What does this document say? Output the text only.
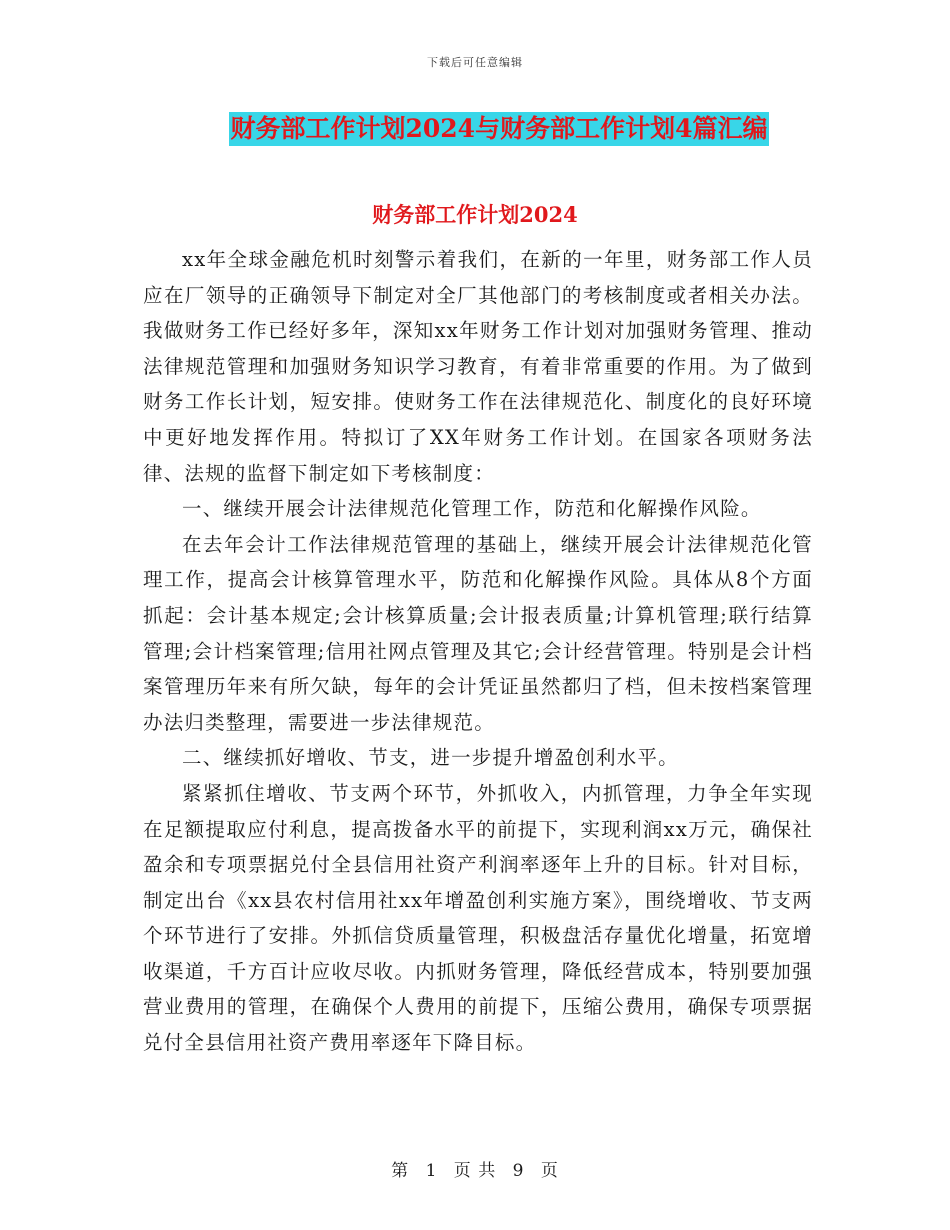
下载后可任意编辑
财务部工作计划2024与财务部工作计划4篇汇编
财务部工作计划2024

xx年全球金融危机时刻警示着我们，在新的一年里，财务部工作人员应在厂领导的正确领导下制定对全厂其他部门的考核制度或者相关办法。我做财务工作已经好多年，深知xx年财务工作计划对加强财务管理、推动法律规范管理和加强财务知识学习教育，有着非常重要的作用。为了做到财务工作长计划，短安排。使财务工作在法律规范化、制度化的良好环境中更好地发挥作用。特拟订了XX年财务工作计划。在国家各项财务法律、法规的监督下制定如下考核制度：

一、继续开展会计法律规范化管理工作，防范和化解操作风险。

在去年会计工作法律规范管理的基础上，继续开展会计法律规范化管理工作，提高会计核算管理水平，防范和化解操作风险。具体从8个方面抓起：会计基本规定;会计核算质量;会计报表质量;计算机管理;联行结算管理;会计档案管理;信用社网点管理及其它;会计经营管理。特别是会计档案管理历年来有所欠缺，每年的会计凭证虽然都归了档，但未按档案管理办法归类整理，需要进一步法律规范。

二、继续抓好增收、节支，进一步提升增盈创利水平。

紧紧抓住增收、节支两个环节，外抓收入，内抓管理，力争全年实现在足额提取应付利息，提高拨备水平的前提下，实现利润xx万元，确保社盈余和专项票据兑付全县信用社资产利润率逐年上升的目标。针对目标，制定出台《xx县农村信用社xx年增盈创利实施方案》，围绕增收、节支两个环节进行了安排。外抓信贷质量管理，积极盘活存量优化增量，拓宽增收渠道，千方百计应收尽收。内抓财务管理，降低经营成本，特别要加强营业费用的管理，在确保个人费用的前提下，压缩公费用，确保专项票据兑付全县信用社资产费用率逐年下降目标。

第 1 页 共 9 页
